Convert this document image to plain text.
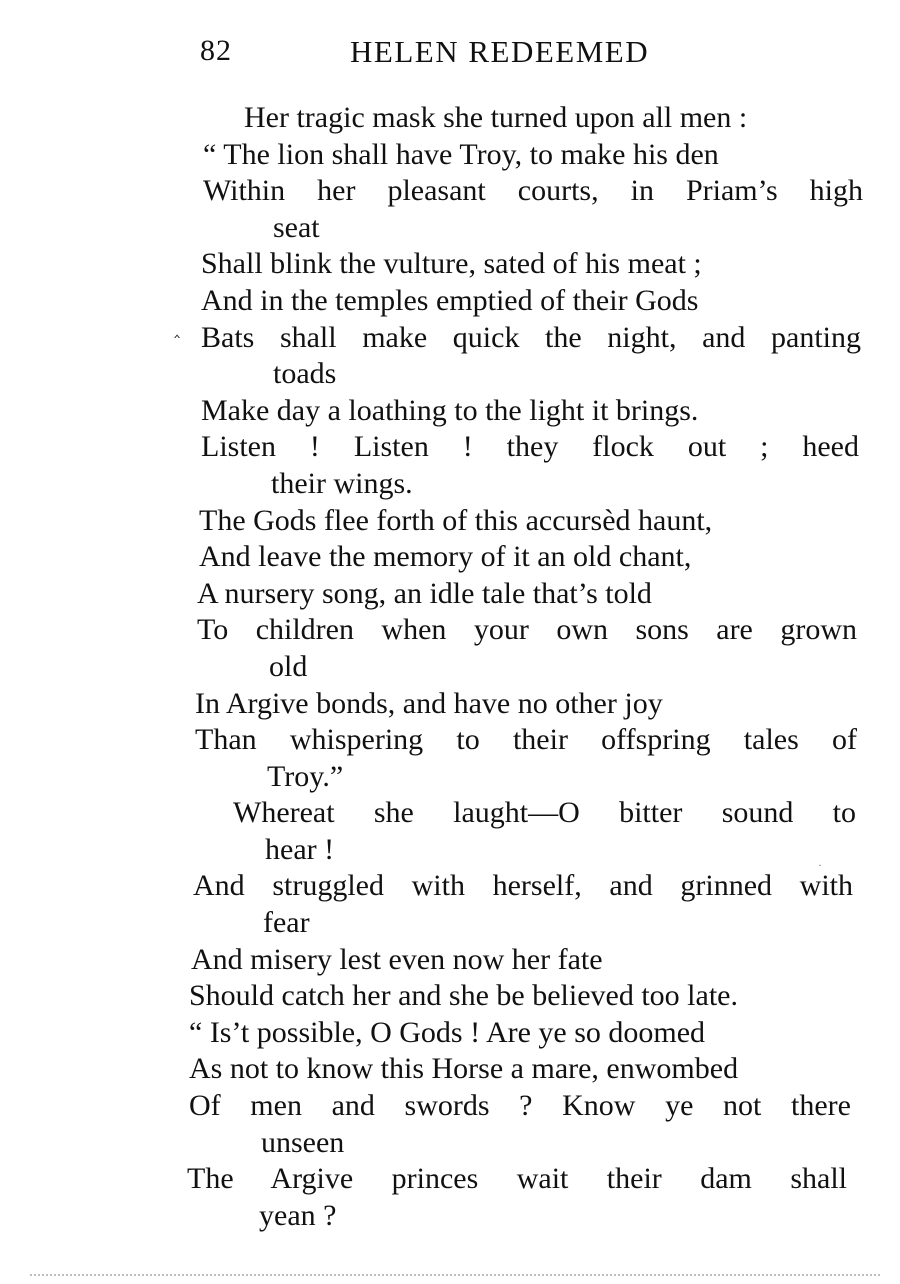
82	HELEN REDEEMED
‸
·
Her tragic mask she turned upon all men :
“ The lion shall have Troy, to make his den
Within her pleasant courts, in Priam’s high
seat
Shall blink the vulture, sated of his meat ;
And in the temples emptied of their Gods
Bats shall make quick the night, and panting
toads
Make day a loathing to the light it brings.
Listen ! Listen ! they flock out ; heed
their wings.
The Gods flee forth of this accursèd haunt,
And leave the memory of it an old chant,
A nursery song, an idle tale that’s told
To children when your own sons are grown
old
In Argive bonds, and have no other joy
Than whispering to their offspring tales of
Troy.”
Whereat she laught—O bitter sound to
hear !
And struggled with herself, and grinned with
fear
And misery lest even now her fate
Should catch her and she be believed too late.
“ Is’t possible, O Gods ! Are ye so doomed
As not to know this Horse a mare, enwombed
Of men and swords ? Know ye not there
unseen
The Argive princes wait their dam shall
yean ?
